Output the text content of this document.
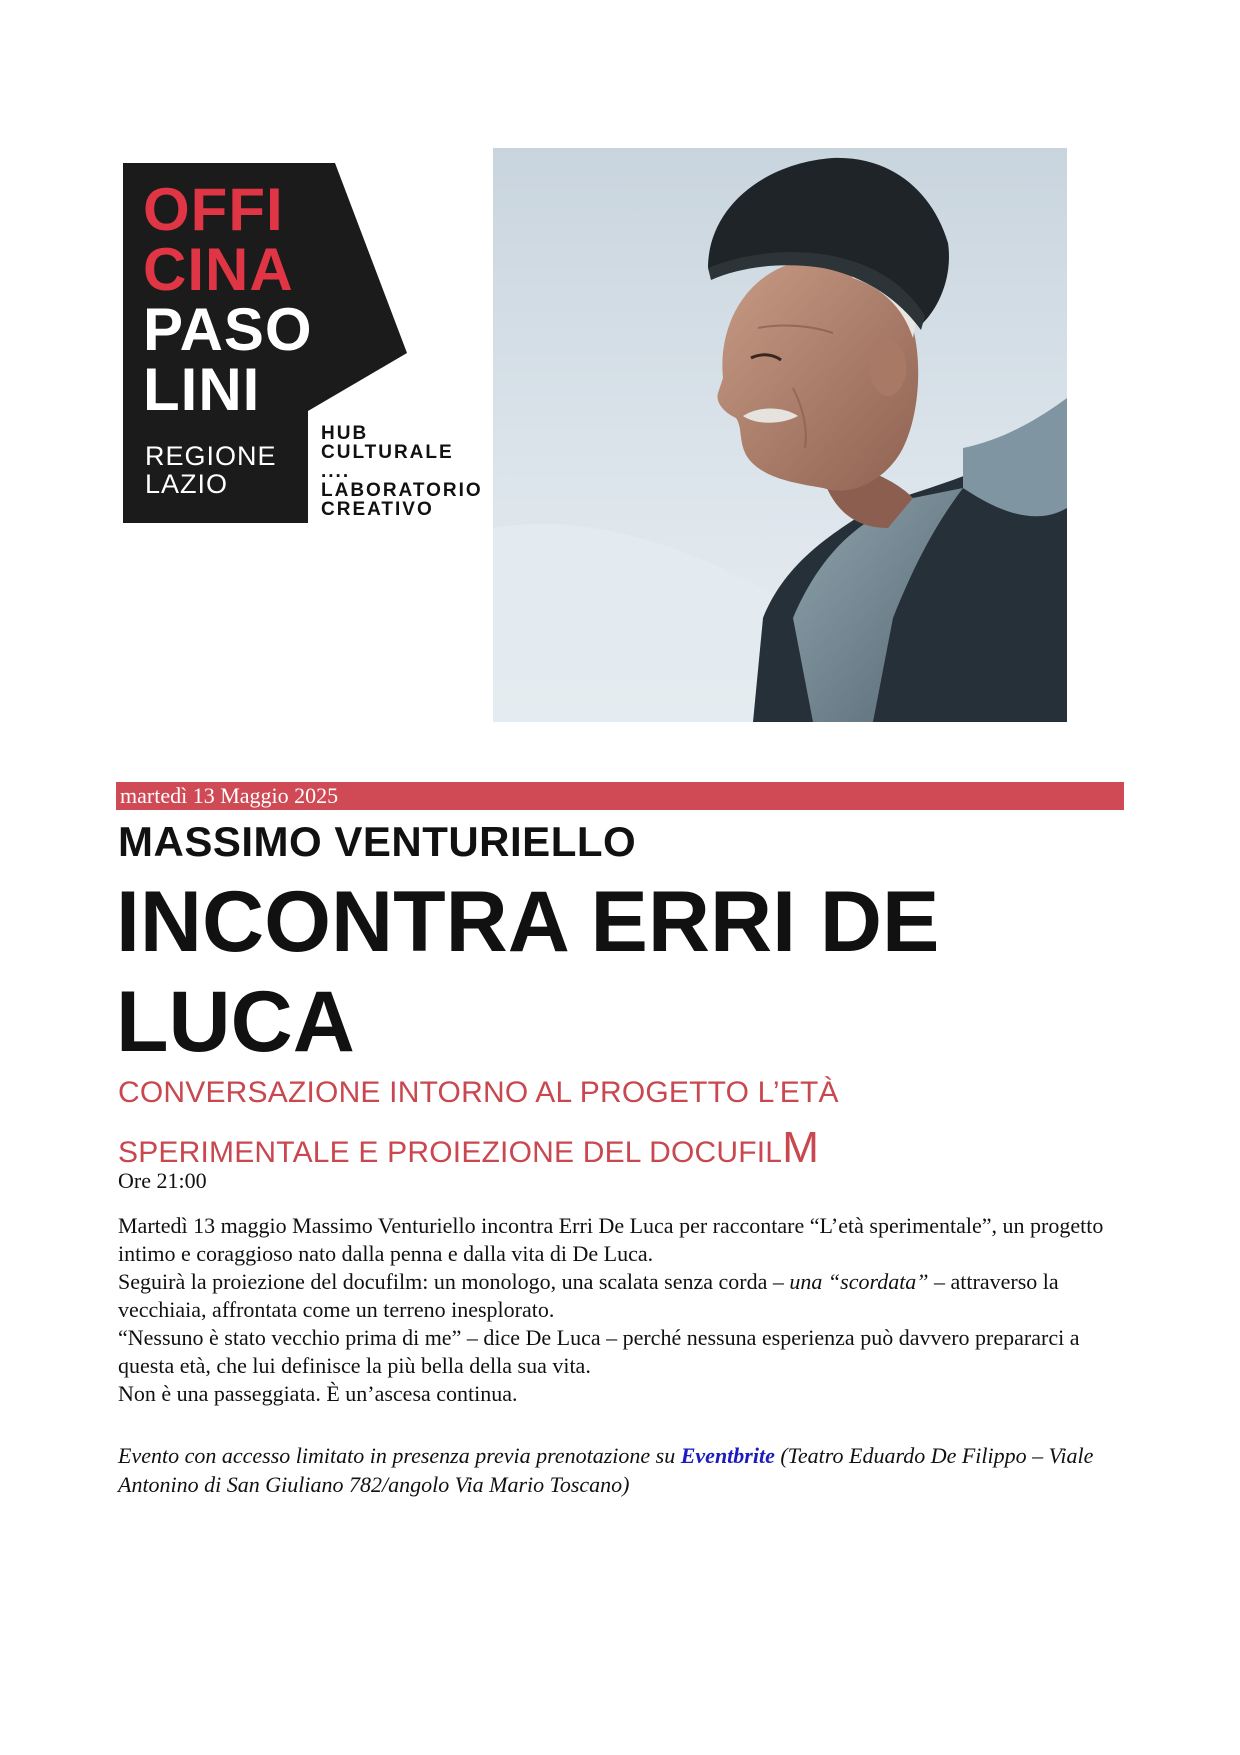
OFFI
CINA
PASO
LINI
REGIONE
LAZIO
HUB
CULTURALE
....
LABORATORIO
CREATIVO
martedì 13 Maggio 2025
MASSIMO VENTURIELLO
INCONTRA ERRI DE LUCA
CONVERSAZIONE INTORNO AL PROGETTO L’ETÀ
SPERIMENTALE E PROIEZIONE DEL DOCUFILM
Ore 21:00

Martedì 13 maggio Massimo Venturiello incontra Erri De Luca per raccontare “L’età sperimentale”, un progetto intimo e coraggioso nato dalla penna e dalla vita di De Luca.

Seguirà la proiezione del docufilm: un monologo, una scalata senza corda – una “scordata” – attraverso la vecchiaia, affrontata come un terreno inesplorato.

“Nessuno è stato vecchio prima di me” – dice De Luca – perché nessuna esperienza può davvero prepararci a questa età, che lui definisce la più bella della sua vita.

Non è una passeggiata. È un’ascesa continua.

Evento con accesso limitato in presenza previa prenotazione su Eventbrite (Teatro Eduardo De Filippo – Viale Antonino di San Giuliano 782/angolo Via Mario Toscano)
